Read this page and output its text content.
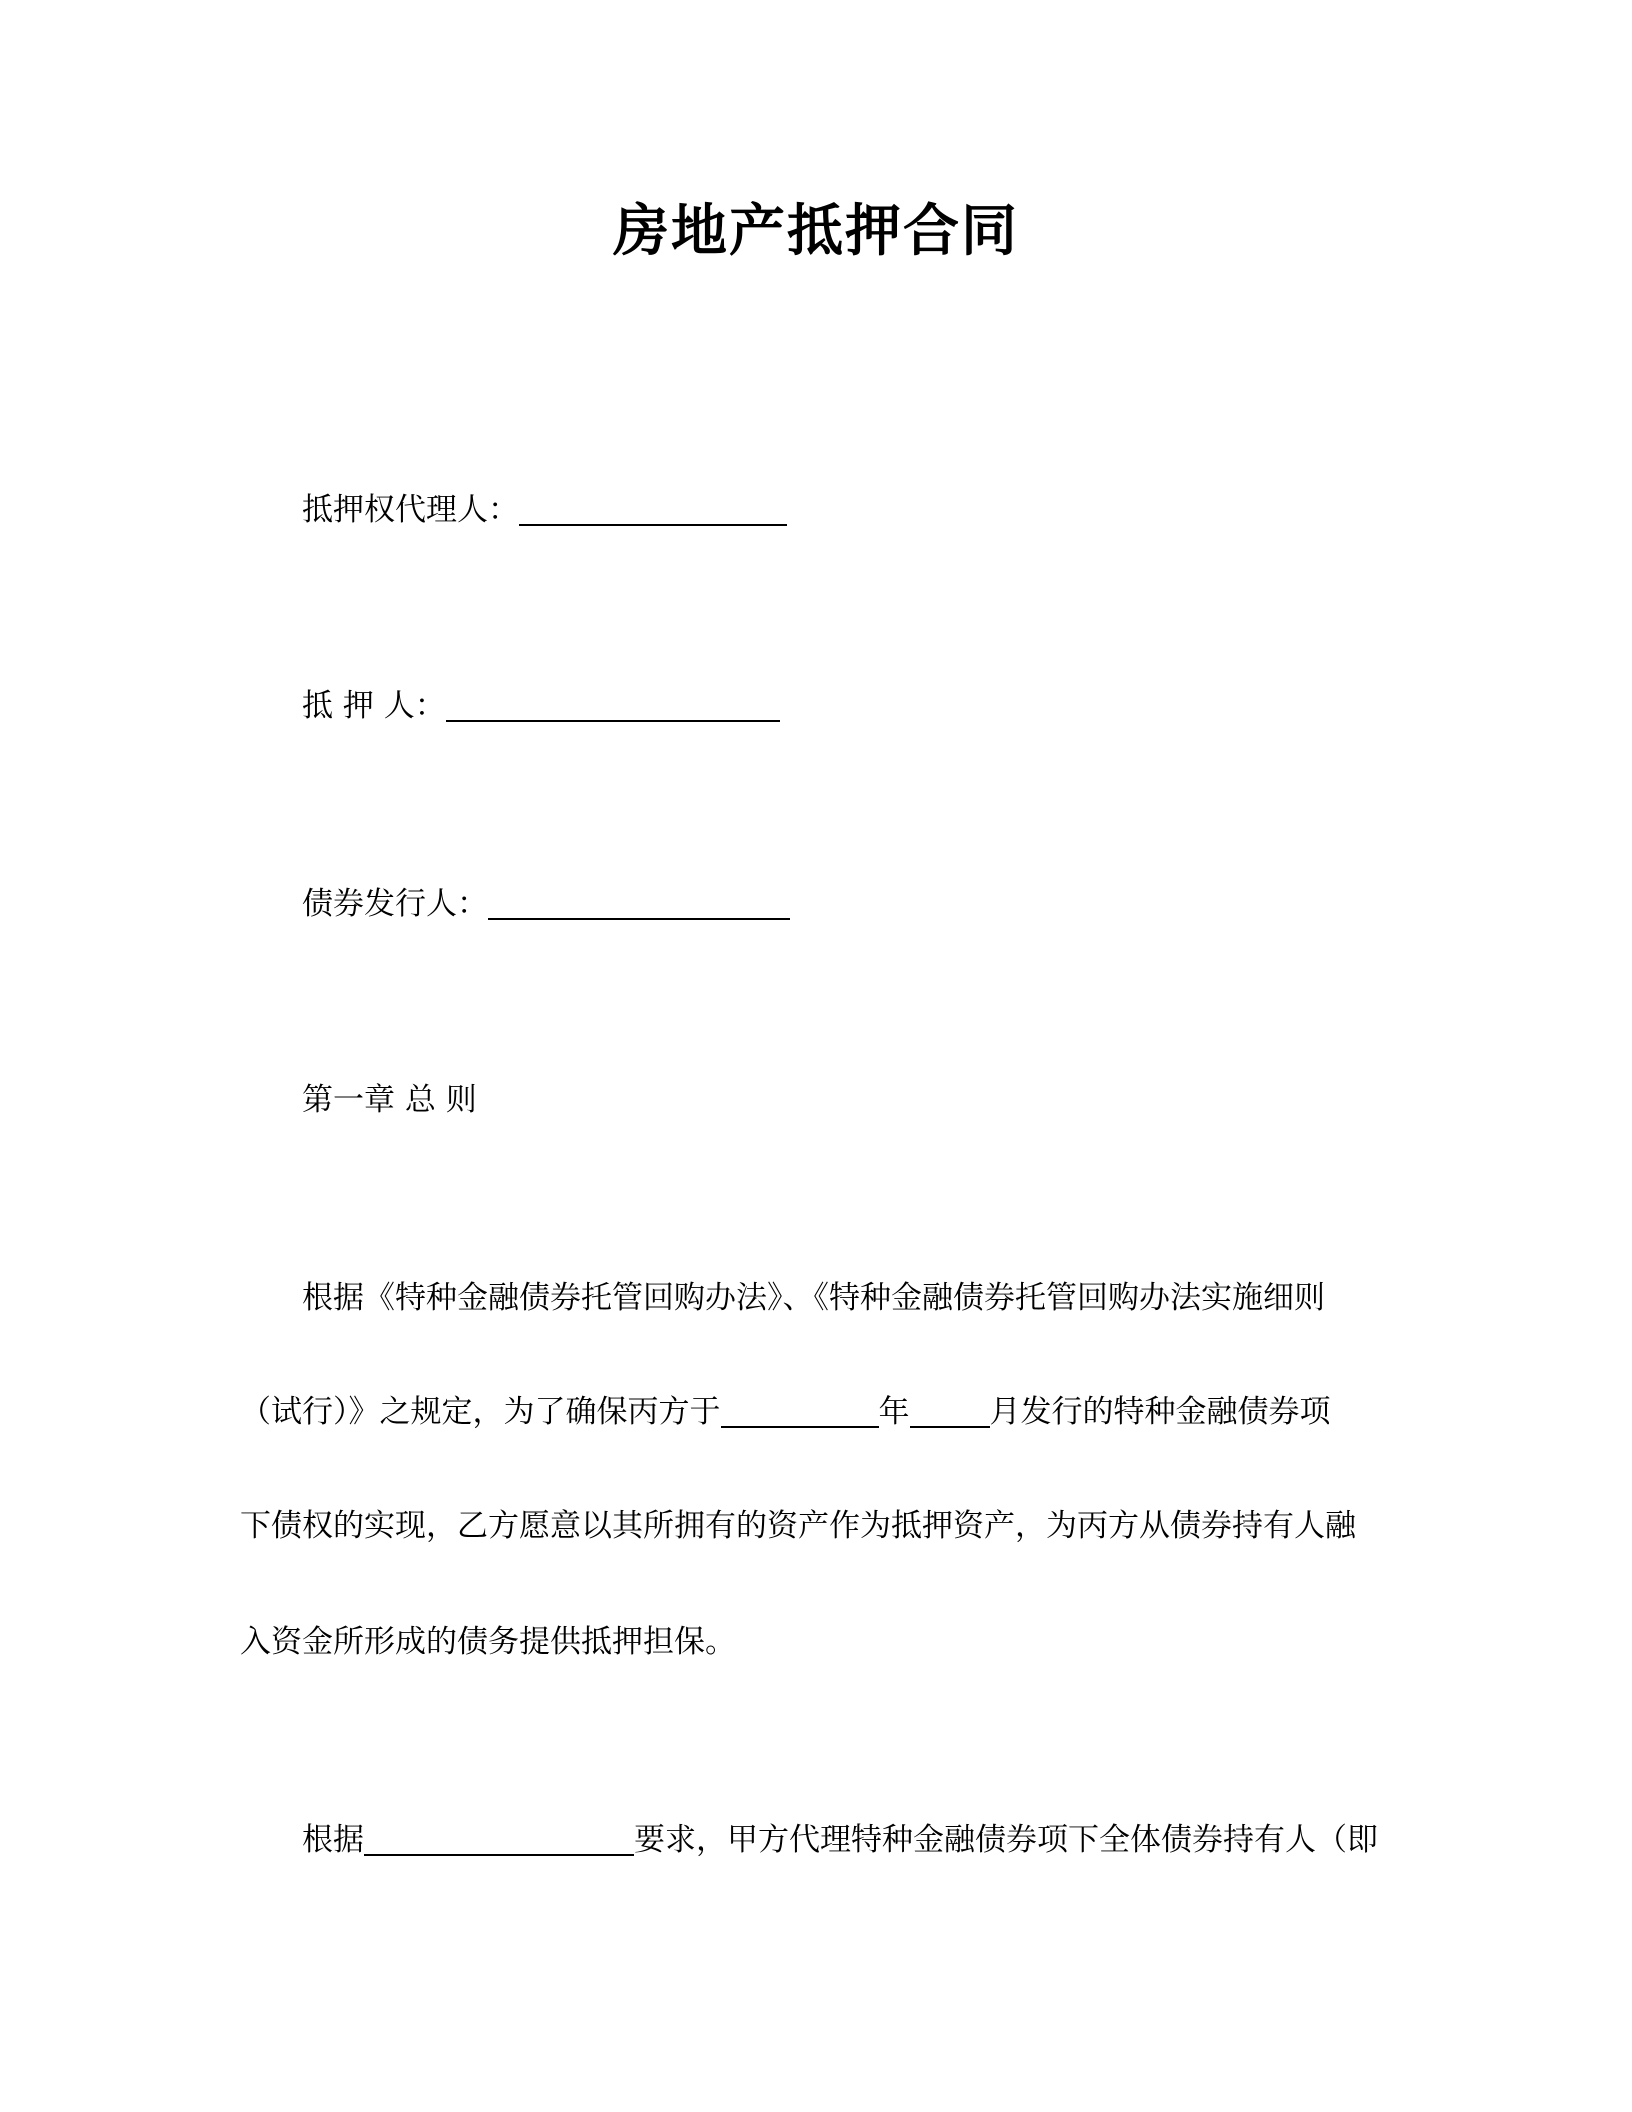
房地产抵押合同
抵押权代理人：
抵 押 人：
债券发行人：
第一章 总 则
根据《特种金融债券托管回购办法》、《特种金融债券托管回购办法实施细则
（试行）》之规定，为了确保丙方于	年	月发行的特种金融债券项
下债权的实现，乙方愿意以其所拥有的资产作为抵押资产，为丙方从债券持有人融
入资金所形成的债务提供抵押担保。
根据	要求，甲方代理特种金融债券项下全体债券持有人（即
